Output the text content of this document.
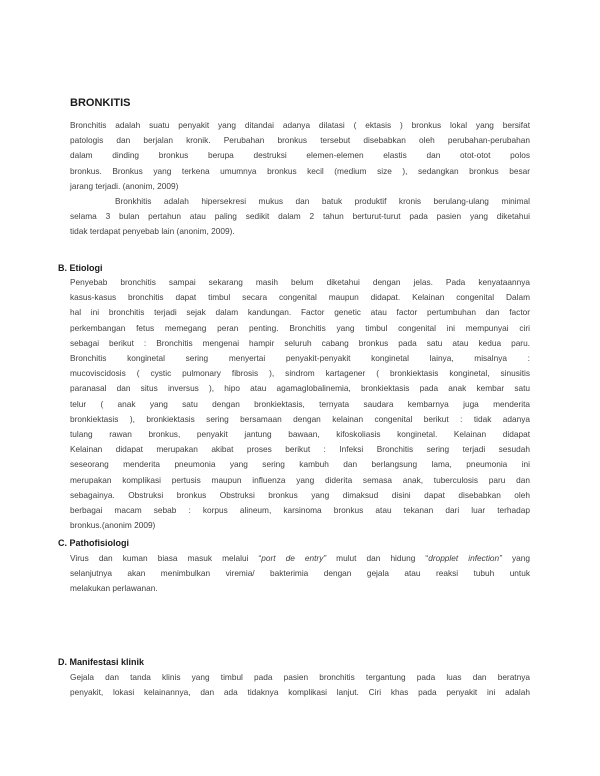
BRONKITIS
Bronchitis adalah suatu penyakit yang ditandai adanya dilatasi ( ektasis ) bronkus lokal yang bersifat
patologis dan berjalan kronik. Perubahan bronkus tersebut disebabkan oleh perubahan-perubahan
dalam dinding bronkus berupa destruksi elemen-elemen elastis dan otot-otot polos
bronkus. Bronkus yang terkena umumnya bronkus kecil (medium size ), sedangkan bronkus besar
jarang terjadi. (anonim, 2009)
Bronkhitis adalah hipersekresi mukus dan batuk produktif kronis berulang-ulang minimal
selama 3 bulan pertahun atau paling sedikit dalam 2 tahun berturut-turut pada pasien yang diketahui
tidak terdapat penyebab lain (anonim, 2009).
B. Etiologi
Penyebab bronchitis sampai sekarang masih belum diketahui dengan jelas. Pada kenyataannya
kasus-kasus bronchitis dapat timbul secara congenital maupun didapat. Kelainan congenital Dalam
hal ini bronchitis terjadi sejak dalam kandungan. Factor genetic atau factor pertumbuhan dan factor
perkembangan fetus memegang peran penting. Bronchitis yang timbul congenital ini mempunyai ciri
sebagai berikut : Bronchitis mengenai hampir seluruh cabang bronkus pada satu atau kedua paru.
Bronchitis konginetal sering menyertai penyakit-penyakit konginetal lainya, misalnya :
mucoviscidosis ( cystic pulmonary fibrosis ), sindrom kartagener ( bronkiektasis konginetal, sinusitis
paranasal dan situs inversus ), hipo atau agamaglobalinemia, bronkiektasis pada anak kembar satu
telur ( anak yang satu dengan bronkiektasis, ternyata saudara kembarnya juga menderita
bronkiektasis ), bronkiektasis sering bersamaan dengan kelainan congenital berikut : tidak adanya
tulang rawan bronkus, penyakit jantung bawaan, kifoskoliasis konginetal. Kelainan didapat
Kelainan didapat merupakan akibat proses berikut : Infeksi Bronchitis sering terjadi sesudah
seseorang menderita pneumonia yang sering kambuh dan berlangsung lama, pneumonia ini
merupakan komplikasi pertusis maupun influenza yang diderita semasa anak, tuberculosis paru dan
sebagainya. Obstruksi bronkus Obstruksi bronkus yang dimaksud disini dapat disebabkan oleh
berbagai macam sebab : korpus alineum, karsinoma bronkus atau tekanan dari luar terhadap
bronkus.(anonim 2009)
C. Pathofisiologi
Virus dan kuman biasa masuk melalui “port de entry” mulut dan hidung “dropplet infection” yang
selanjutnya akan menimbulkan viremia/ bakterimia dengan gejala atau reaksi tubuh untuk
melakukan perlawanan.
D. Manifestasi klinik
Gejala dan tanda klinis yang timbul pada pasien bronchitis tergantung pada luas dan beratnya
penyakit, lokasi kelainannya, dan ada tidaknya komplikasi lanjut. Ciri khas pada penyakit ini adalah
